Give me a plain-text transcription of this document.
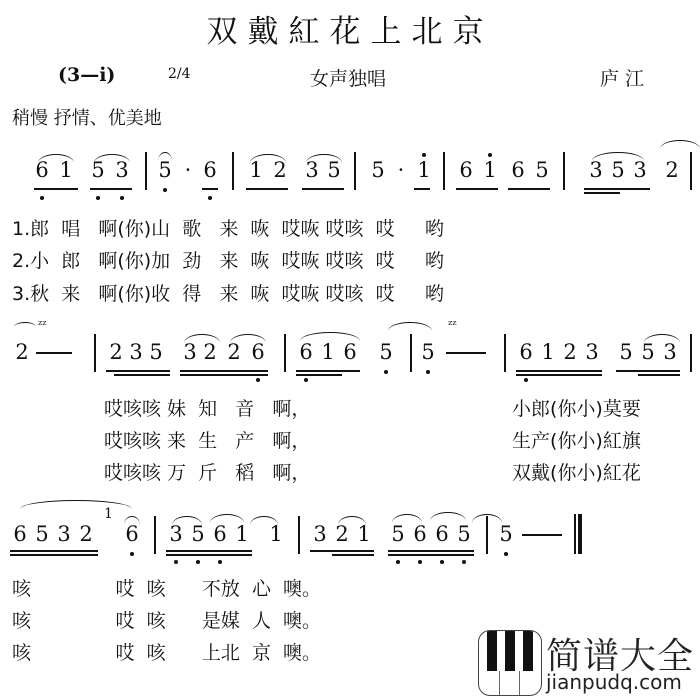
双戴紅花上北京
(3—i)	2/4	女声独唱	庐 江
稍慢 抒情、优美地
6 1 5 3 5 · 6 1 2 3 5 5 · 1 6 1 6 5 3 5 3 2
1.郎  唱   啊(你)山  歌   来  咴  哎咴 哎咳  哎     哟
2.小  郎   啊(你)加  劲   来  咴  哎咴 哎咳  哎     哟
3.秋  来   啊(你)收  得   来  咴  哎咴 哎咳  哎     哟
2
ᶻᶻ
2 3 5 3 2 2 6 6 1 6 5 5
ᶻᶻ
6 1 2 3 5 5 3
哎咳咳 妹  知   音   啊，
哎咳咳 来  生   产   啊，
哎咳咳 万  斤   稻   啊，
小郎(你小)莫要
生产(你小)紅旗
双戴(你小)紅花
6 5 3 2
1
6 3 5 6 1 1 3 2 1 5 6 6 5 5
咳              哎  咳      不放  心  噢。
咳              哎  咳      是媒  人  噢。
咳              哎  咳      上北  京  噢。	简谱大全
jianpudq.com
